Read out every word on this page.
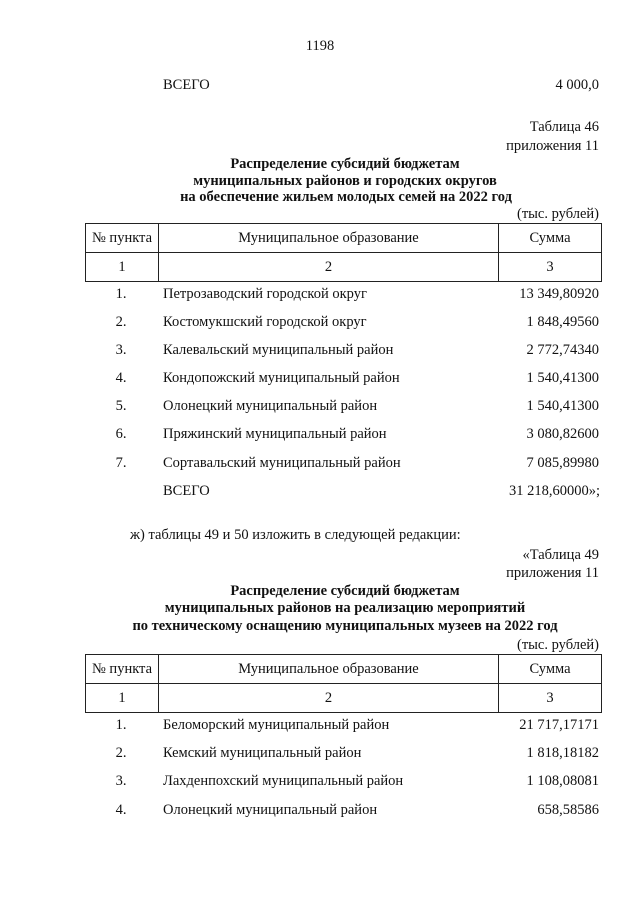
1198
ВСЕГО	4 000,0
Таблица 46
приложения 11
Распределение субсидий бюджетам
муниципальных районов и городских округов
на обеспечение жильем молодых семей на 2022 год
(тыс. рублей)
№ пункта	Муниципальное образование	Сумма
1	2	3
1.	Петрозаводский городской округ	13 349,80920
2.	Костомукшский городской округ	1 848,49560
3.	Калевальский муниципальный район	2 772,74340
4.	Кондопожский муниципальный район	1 540,41300
5.	Олонецкий муниципальный район	1 540,41300
6.	Пряжинский муниципальный район	3 080,82600
7.	Сортавальский муниципальный район	7 085,89980
ВСЕГО	31 218,60000»;
ж) таблицы 49 и 50 изложить в следующей редакции:
«Таблица 49
приложения 11
Распределение субсидий бюджетам
муниципальных районов на реализацию мероприятий
по техническому оснащению муниципальных музеев на 2022 год
(тыс. рублей)
№ пункта	Муниципальное образование	Сумма
1	2	3
1.	Беломорский муниципальный район	21 717,17171
2.	Кемский муниципальный район	1 818,18182
3.	Лахденпохский муниципальный район	1 108,08081
4.	Олонецкий муниципальный район	658,58586
